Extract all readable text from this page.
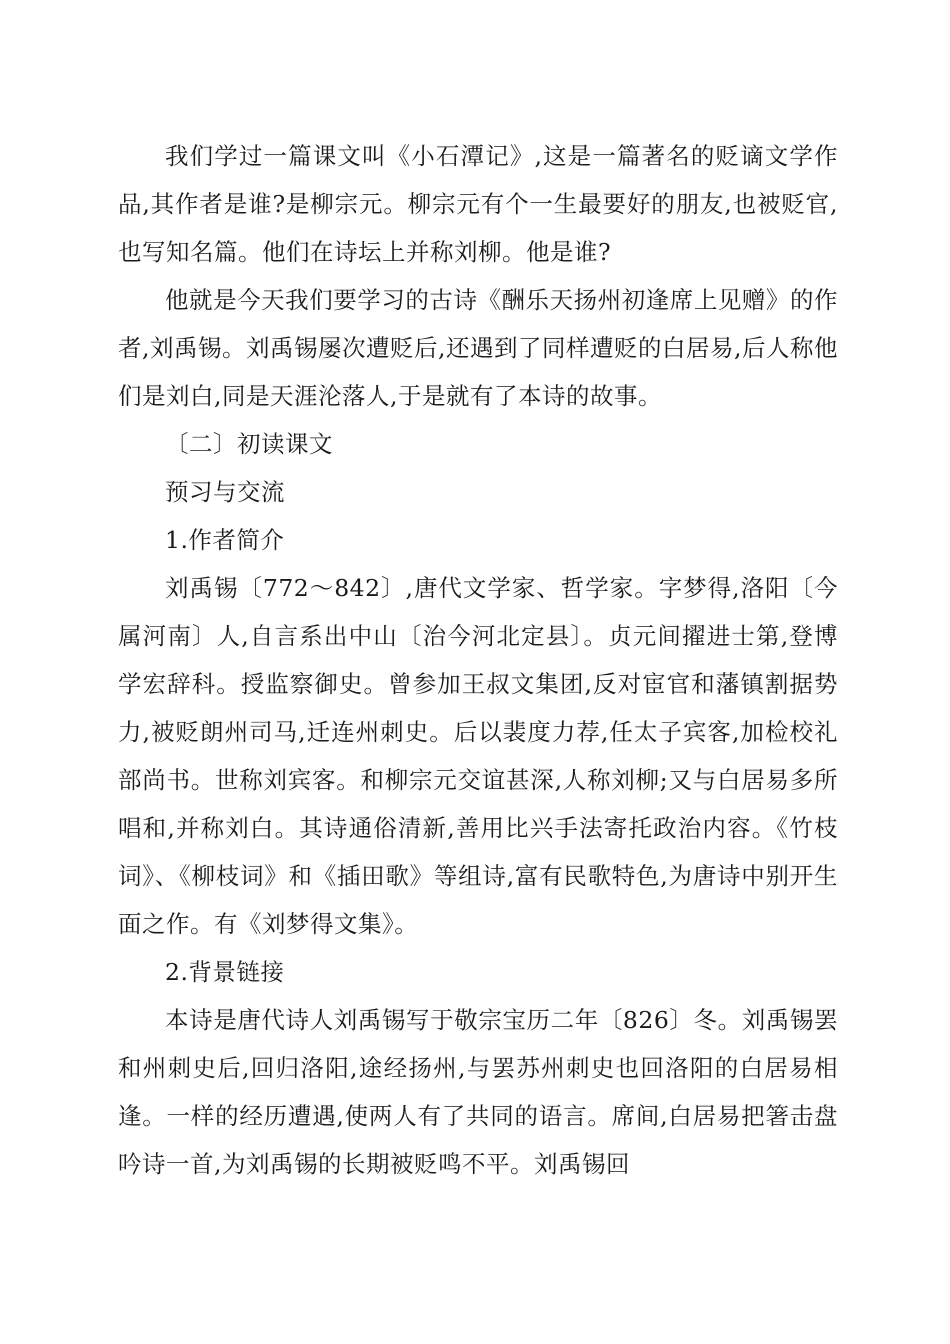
我们学过一篇课文叫《小石潭记》,这是一篇著名的贬谪文学作品,其作者是谁?是柳宗元。柳宗元有个一生最要好的朋友,也被贬官,也写知名篇。他们在诗坛上并称刘柳。他是谁?

他就是今天我们要学习的古诗《酬乐天扬州初逢席上见赠》的作者,刘禹锡。刘禹锡屡次遭贬后,还遇到了同样遭贬的白居易,后人称他们是刘白,同是天涯沦落人,于是就有了本诗的故事。

〔二〕初读课文

预习与交流

1.作者简介

刘禹锡〔772～842〕,唐代文学家、哲学家。字梦得,洛阳〔今属河南〕人,自言系出中山〔治今河北定县〕。贞元间擢进士第,登博学宏辞科。授监察御史。曾参加王叔文集团,反对宦官和藩镇割据势力,被贬朗州司马,迁连州刺史。后以裴度力荐,任太子宾客,加检校礼部尚书。世称刘宾客。和柳宗元交谊甚深,人称刘柳;又与白居易多所唱和,并称刘白。其诗通俗清新,善用比兴手法寄托政治内容。《竹枝词》、《柳枝词》和《插田歌》等组诗,富有民歌特色,为唐诗中别开生面之作。有《刘梦得文集》。

2.背景链接

本诗是唐代诗人刘禹锡写于敬宗宝历二年〔826〕冬。刘禹锡罢和州刺史后,回归洛阳,途经扬州,与罢苏州刺史也回洛阳的白居易相逢。一样的经历遭遇,使两人有了共同的语言。席间,白居易把箸击盘吟诗一首,为刘禹锡的长期被贬鸣不平。刘禹锡回
